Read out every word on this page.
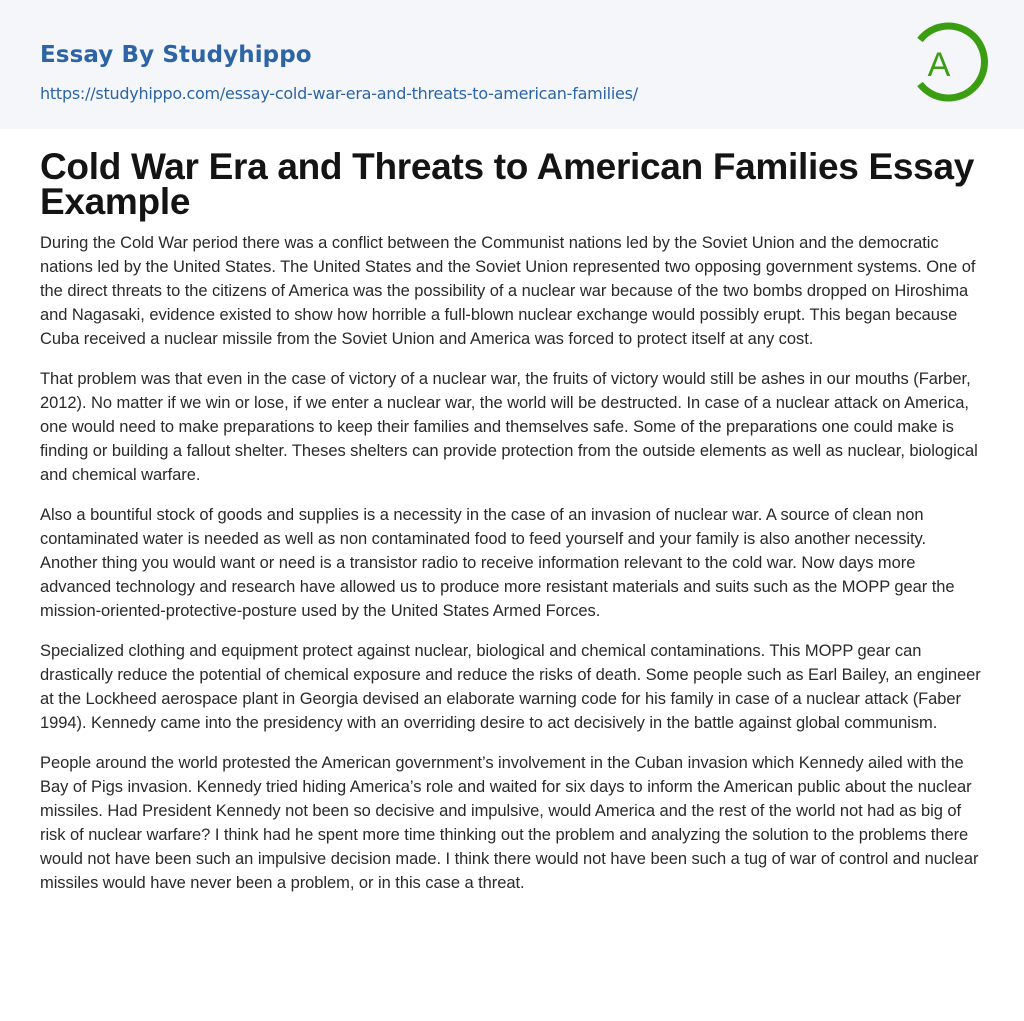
Essay By Studyhippo
https://studyhippo.com/essay-cold-war-era-and-threats-to-american-families/
A
Cold War Era and Threats to American Families Essay Example

During the Cold War period there was a conflict between the Communist nations led by the Soviet Union and the democratic nations led by the United States. The United States and the Soviet Union represented two opposing government systems. One of the direct threats to the citizens of America was the possibility of a nuclear war because of the two bombs dropped on Hiroshima and Nagasaki, evidence existed to show how horrible a full-blown nuclear exchange would possibly erupt. This began because Cuba received a nuclear missile from the Soviet Union and America was forced to protect itself at any cost.

That problem was that even in the case of victory of a nuclear war, the fruits of victory would still be ashes in our mouths (Farber, 2012). No matter if we win or lose, if we enter a nuclear war, the world will be destructed. In case of a nuclear attack on America, one would need to make preparations to keep their families and themselves safe. Some of the preparations one could make is finding or building a fallout shelter. Theses shelters can provide protection from the outside elements as well as nuclear, biological and chemical warfare.

Also a bountiful stock of goods and supplies is a necessity in the case of an invasion of nuclear war. A source of clean non contaminated water is needed as well as non contaminated food to feed yourself and your family is also another necessity. Another thing you would want or need is a transistor radio to receive information relevant to the cold war. Now days more advanced technology and research have allowed us to produce more resistant materials and suits such as the MOPP gear the mission-oriented-protective-posture used by the United States Armed Forces.

Specialized clothing and equipment protect against nuclear, biological and chemical contaminations. This MOPP gear can drastically reduce the potential of chemical exposure and reduce the risks of death. Some people such as Earl Bailey, an engineer at the Lockheed aerospace plant in Georgia devised an elaborate warning code for his family in case of a nuclear attack (Faber 1994). Kennedy came into the presidency with an overriding desire to act decisively in the battle against global communism.

People around the world protested the American government’s involvement in the Cuban invasion which Kennedy ailed with the Bay of Pigs invasion. Kennedy tried hiding America’s role and waited for six days to inform the American public about the nuclear missiles. Had President Kennedy not been so decisive and impulsive, would America and the rest of the world not had as big of risk of nuclear warfare? I think had he spent more time thinking out the problem and analyzing the solution to the problems there would not have been such an impulsive decision made. I think there would not have been such a tug of war of control and nuclear missiles would have never been a problem, or in this case a threat.
